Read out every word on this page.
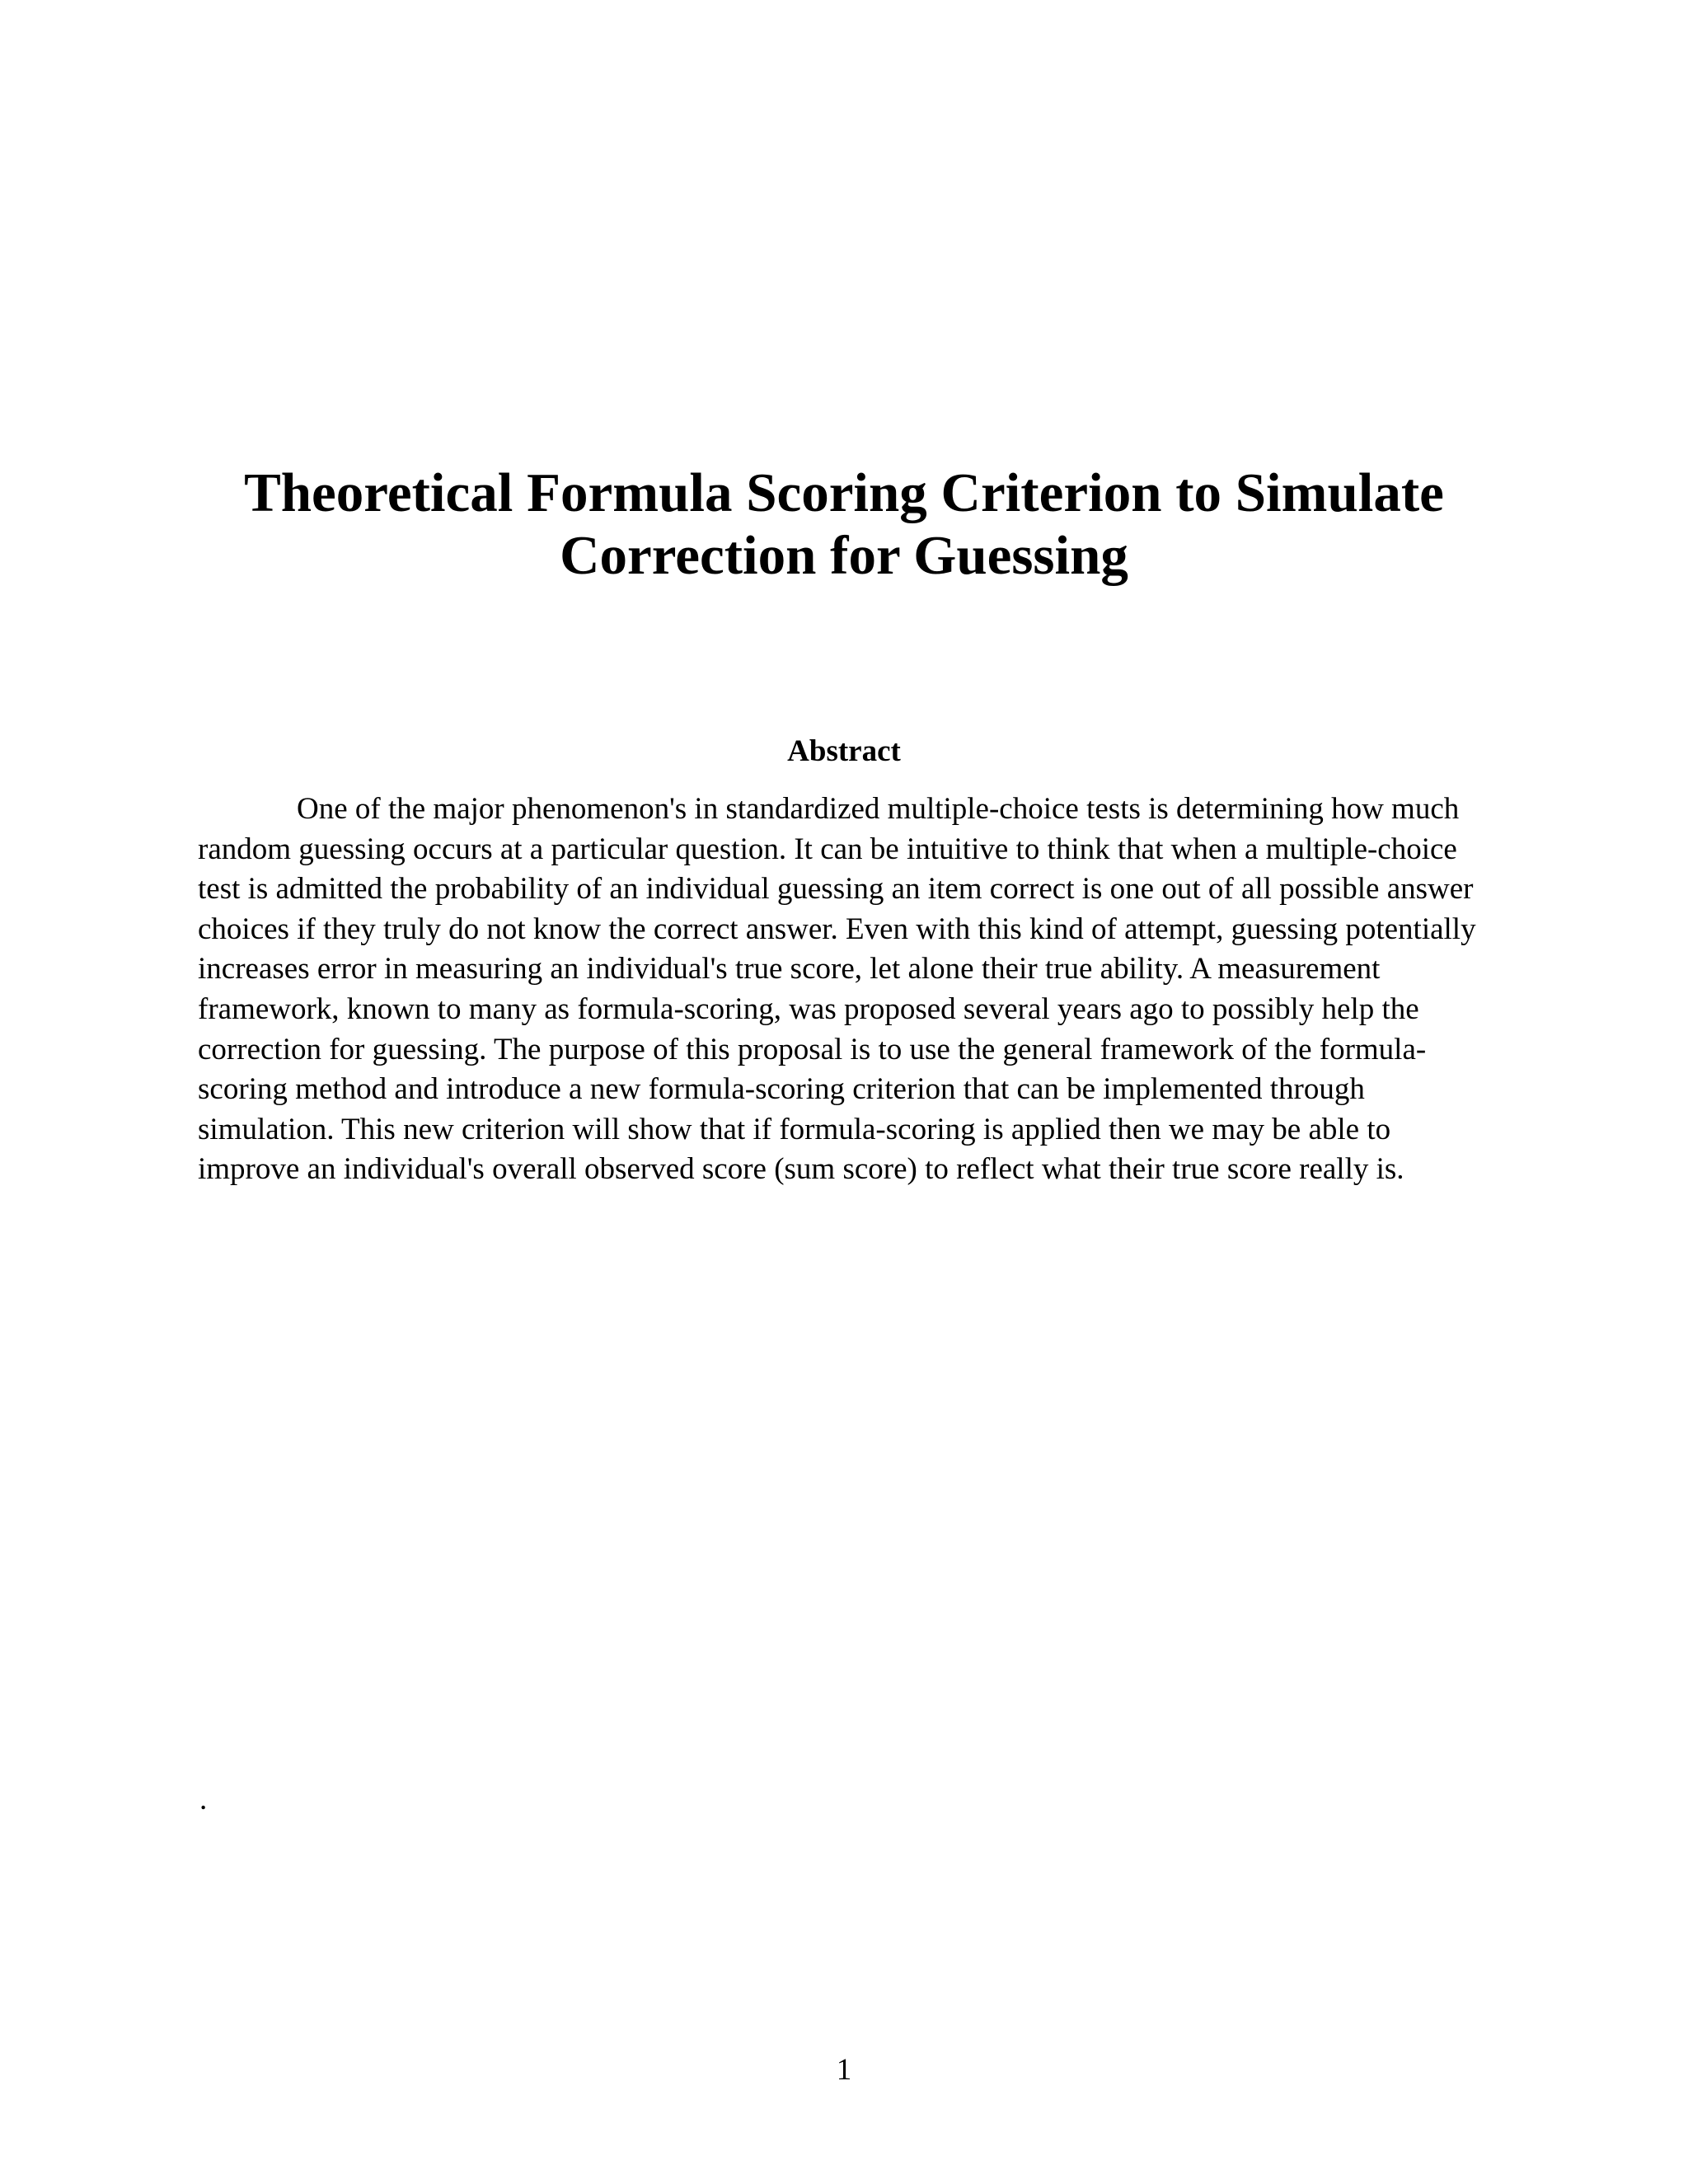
Theoretical Formula Scoring Criterion to Simulate
Correction for Guessing
Abstract

One of the major phenomenon's in standardized multiple-choice tests is determining how much
random guessing occurs at a particular question. It can be intuitive to think that when a multiple-choice
test is admitted the probability of an individual guessing an item correct is one out of all possible answer
choices if they truly do not know the correct answer. Even with this kind of attempt, guessing potentially
increases error in measuring an individual's true score, let alone their true ability. A measurement
framework, known to many as formula-scoring, was proposed several years ago to possibly help the
correction for guessing. The purpose of this proposal is to use the general framework of the formula-
scoring method and introduce a new formula-scoring criterion that can be implemented through
simulation. This new criterion will show that if formula-scoring is applied then we may be able to
improve an individual's overall observed score (sum score) to reflect what their true score really is.

.
1
